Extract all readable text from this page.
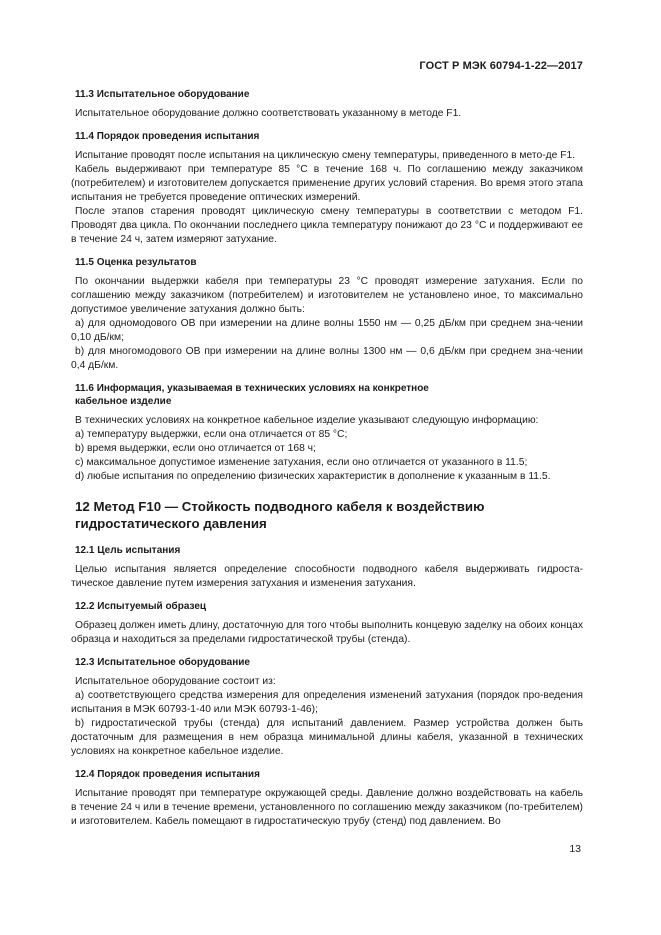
ГОСТ Р МЭК 60794-1-22—2017
11.3 Испытательное оборудование

Испытательное оборудование должно соответствовать указанному в методе F1.

11.4 Порядок проведения испытания

Испытание проводят после испытания на циклическую смену температуры, приведенного в мето-де F1.

Кабель выдерживают при температуре 85 °C в течение 168 ч. По соглашению между заказчиком (потребителем) и изготовителем допускается применение других условий старения. Во время этого этапа испытания не требуется проведение оптических измерений.

После этапов старения проводят циклическую смену температуры в соответствии с методом F1. Проводят два цикла. По окончании последнего цикла температуру понижают до 23 °C и поддерживают ее в течение 24 ч, затем измеряют затухание.

11.5 Оценка результатов

По окончании выдержки кабеля при температуры 23 °C проводят измерение затухания. Если по соглашению между заказчиком (потребителем) и изготовителем не установлено иное, то максимально допустимое увеличение затухания должно быть:

a) для одномодового ОВ при измерении на длине волны 1550 нм — 0,25 дБ/км при среднем зна-чении 0,10 дБ/км;

b) для многомодового ОВ при измерении на длине волны 1300 нм — 0,6 дБ/км при среднем зна-чении 0,4 дБ/км.

11.6 Информация, указываемая в технических условиях на конкретное
кабельное изделие

В технических условиях на конкретное кабельное изделие указывают следующую информацию:

a) температуру выдержки, если она отличается от 85 °C;

b) время выдержки, если оно отличается от 168 ч;

c) максимальное допустимое изменение затухания, если оно отличается от указанного в 11.5;

d) любые испытания по определению физических характеристик в дополнение к указанным в 11.5.

12 Метод F10 — Стойкость подводного кабеля к воздействию
гидростатического давления
12.1 Цель испытания

Целью испытания является определение способности подводного кабеля выдерживать гидроста-тическое давление путем измерения затухания и изменения затухания.

12.2 Испытуемый образец

Образец должен иметь длину, достаточную для того чтобы выполнить концевую заделку на обоих концах образца и находиться за пределами гидростатической трубы (стенда).

12.3 Испытательное оборудование

Испытательное оборудование состоит из:

a) соответствующего средства измерения для определения изменений затухания (порядок про-ведения испытания в МЭК 60793-1-40 или МЭК 60793-1-46);

b) гидростатической трубы (стенда) для испытаний давлением. Размер устройства должен быть достаточным для размещения в нем образца минимальной длины кабеля, указанной в технических условиях на конкретное кабельное изделие.

12.4 Порядок проведения испытания

Испытание проводят при температуре окружающей среды. Давление должно воздействовать на кабель в течение 24 ч или в течение времени, установленного по соглашению между заказчиком (по-требителем) и изготовителем. Кабель помещают в гидростатическую трубу (стенд) под давлением. Во

13
